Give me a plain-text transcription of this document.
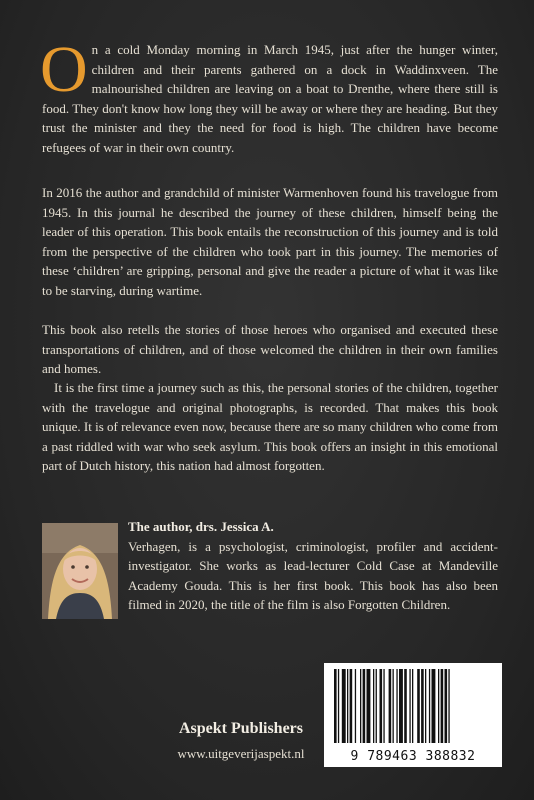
On a cold Monday morning in March 1945, just after the hunger winter, children and their parents gathered on a dock in Waddinxveen. The malnourished children are leaving on a boat to Drenthe, where there still is food. They don't know how long they will be away or where they are heading. But they trust the minister and they the need for food is high. The children have become refugees of war in their own country.

In 2016 the author and grandchild of minister Warmenhoven found his travelogue from 1945. In this journal he described the journey of these children, himself being the leader of this operation. This book entails the reconstruction of this journey and is told from the perspective of the children who took part in this journey. The memories of these ‘children’ are gripping, personal and give the reader a picture of what it was like to be starving, during wartime.

This book also retells the stories of those heroes who organised and executed these transportations of children, and of those welcomed the children in their own families and homes.

It is the first time a journey such as this, the personal stories of the children, together with the travelogue and original photographs, is recorded. That makes this book unique. It is of relevance even now, because there are so many children who come from a past riddled with war who seek asylum. This book offers an insight in this emotional part of Dutch history, this nation had almost forgotten.

The author, drs. Jessica A.
Verhagen, is a psychologist, criminologist, profiler and accident-investigator. She works as lead-lecturer Cold Case at Mandeville Academy Gouda. This is her first book. This book has also been filmed in 2020, the title of the film is also Forgotten Children.
Aspekt Publishers
www.uitgeverijaspekt.nl	9 789463 388832
